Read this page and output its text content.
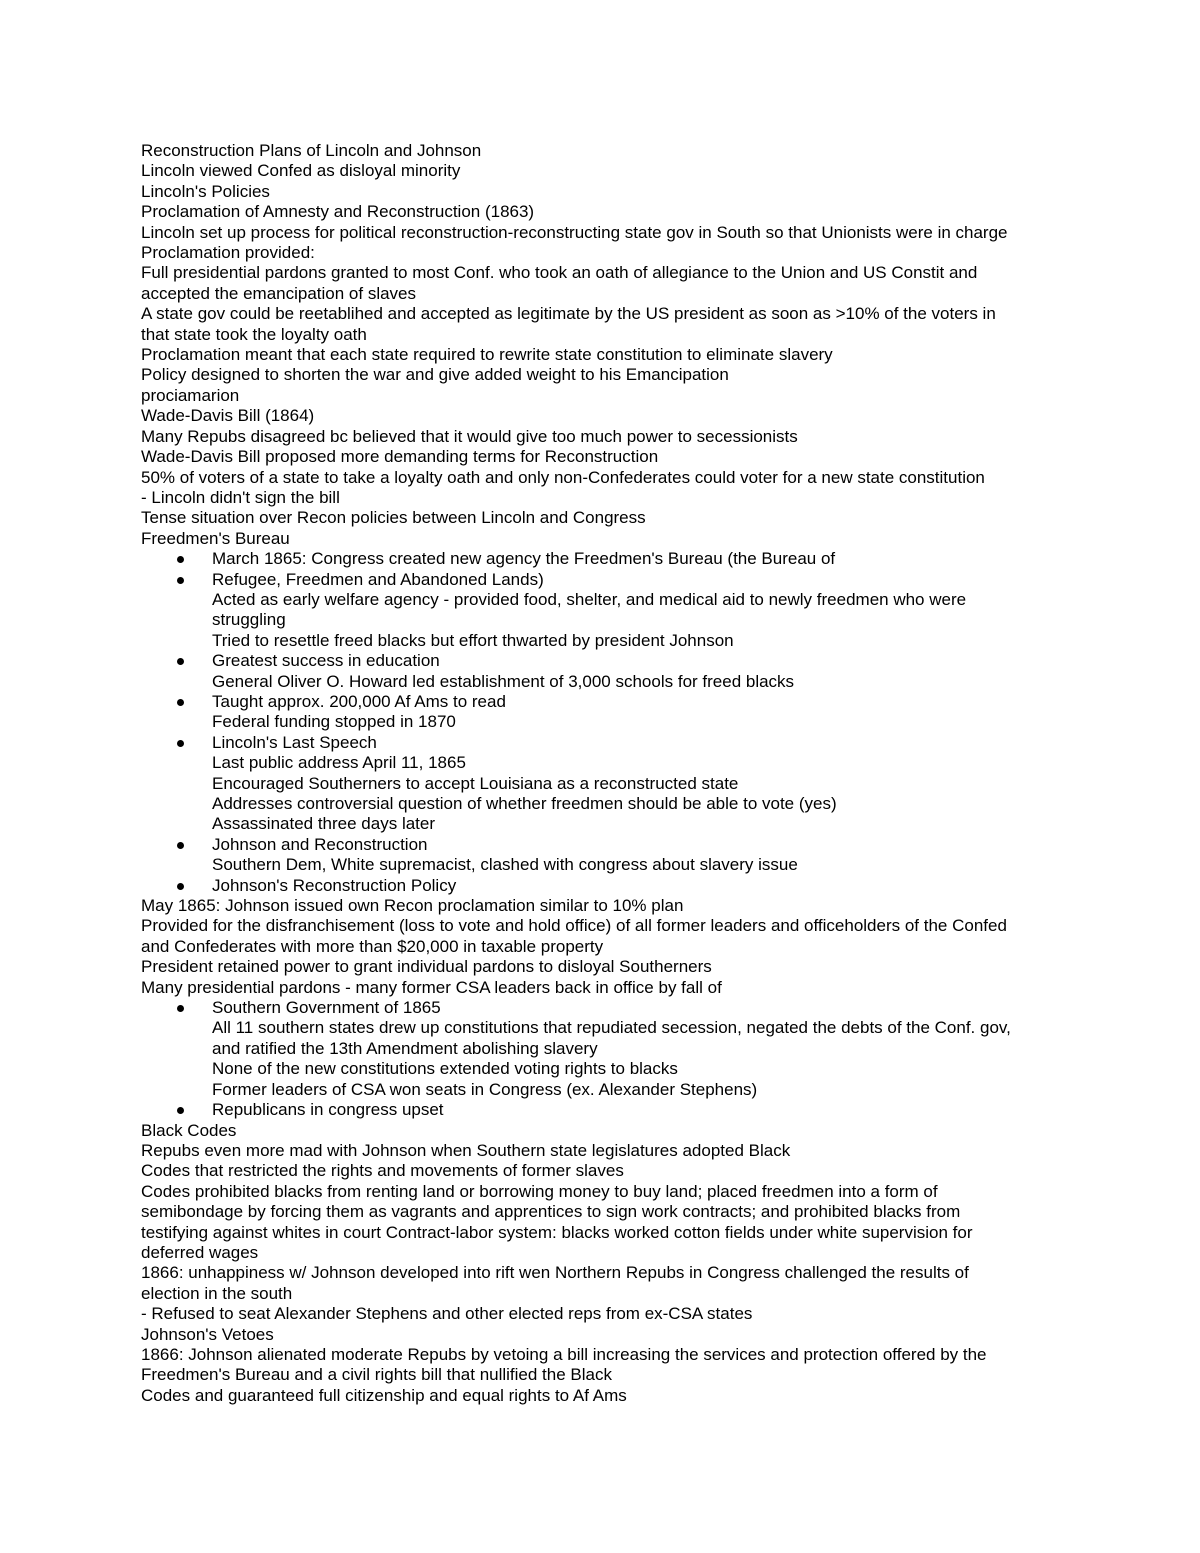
Reconstruction Plans of Lincoln and Johnson
Lincoln viewed Confed as disloyal minority
Lincoln's Policies
Proclamation of Amnesty and Reconstruction (1863)
Lincoln set up process for political reconstruction-reconstructing state gov in South so that Unionists were in charge
Proclamation provided:
Full presidential pardons granted to most Conf. who took an oath of allegiance to the Union and US Constit and
accepted the emancipation of slaves
A state gov could be reetablihed and accepted as legitimate by the US president as soon as >10% of the voters in
that state took the loyalty oath
Proclamation meant that each state required to rewrite state constitution to eliminate slavery
Policy designed to shorten the war and give added weight to his Emancipation
prociamarion
Wade-Davis Bill (1864)
Many Repubs disagreed bc believed that it would give too much power to secessionists
Wade-Davis Bill proposed more demanding terms for Reconstruction
50% of voters of a state to take a loyalty oath and only non-Confederates could voter for a new state constitution
- Lincoln didn't sign the bill
Tense situation over Recon policies between Lincoln and Congress
Freedmen's Bureau
March 1865: Congress created new agency the Freedmen's Bureau (the Bureau of
Refugee, Freedmen and Abandoned Lands)
Acted as early welfare agency - provided food, shelter, and medical aid to newly freedmen who were
struggling
Tried to resettle freed blacks but effort thwarted by president Johnson
Greatest success in education
General Oliver O. Howard led establishment of 3,000 schools for freed blacks
Taught approx. 200,000 Af Ams to read
Federal funding stopped in 1870
Lincoln's Last Speech
Last public address April 11, 1865
Encouraged Southerners to accept Louisiana as a reconstructed state
Addresses controversial question of whether freedmen should be able to vote (yes)
Assassinated three days later
Johnson and Reconstruction
Southern Dem, White supremacist, clashed with congress about slavery issue
Johnson's Reconstruction Policy
May 1865: Johnson issued own Recon proclamation similar to 10% plan
Provided for the disfranchisement (loss to vote and hold office) of all former leaders and officeholders of the Confed
and Confederates with more than $20,000 in taxable property
President retained power to grant individual pardons to disloyal Southerners
Many presidential pardons - many former CSA leaders back in office by fall of
Southern Government of 1865
All 11 southern states drew up constitutions that repudiated secession, negated the debts of the Conf. gov,
and ratified the 13th Amendment abolishing slavery
None of the new constitutions extended voting rights to blacks
Former leaders of CSA won seats in Congress (ex. Alexander Stephens)
Republicans in congress upset
Black Codes
Repubs even more mad with Johnson when Southern state legislatures adopted Black
Codes that restricted the rights and movements of former slaves
Codes prohibited blacks from renting land or borrowing money to buy land; placed freedmen into a form of
semibondage by forcing them as vagrants and apprentices to sign work contracts; and prohibited blacks from
testifying against whites in court Contract-labor system: blacks worked cotton fields under white supervision for
deferred wages
1866: unhappiness w/ Johnson developed into rift wen Northern Repubs in Congress challenged the results of
election in the south
- Refused to seat Alexander Stephens and other elected reps from ex-CSA states
Johnson's Vetoes
1866: Johnson alienated moderate Repubs by vetoing a bill increasing the services and protection offered by the
Freedmen's Bureau and a civil rights bill that nullified the Black
Codes and guaranteed full citizenship and equal rights to Af Ams
